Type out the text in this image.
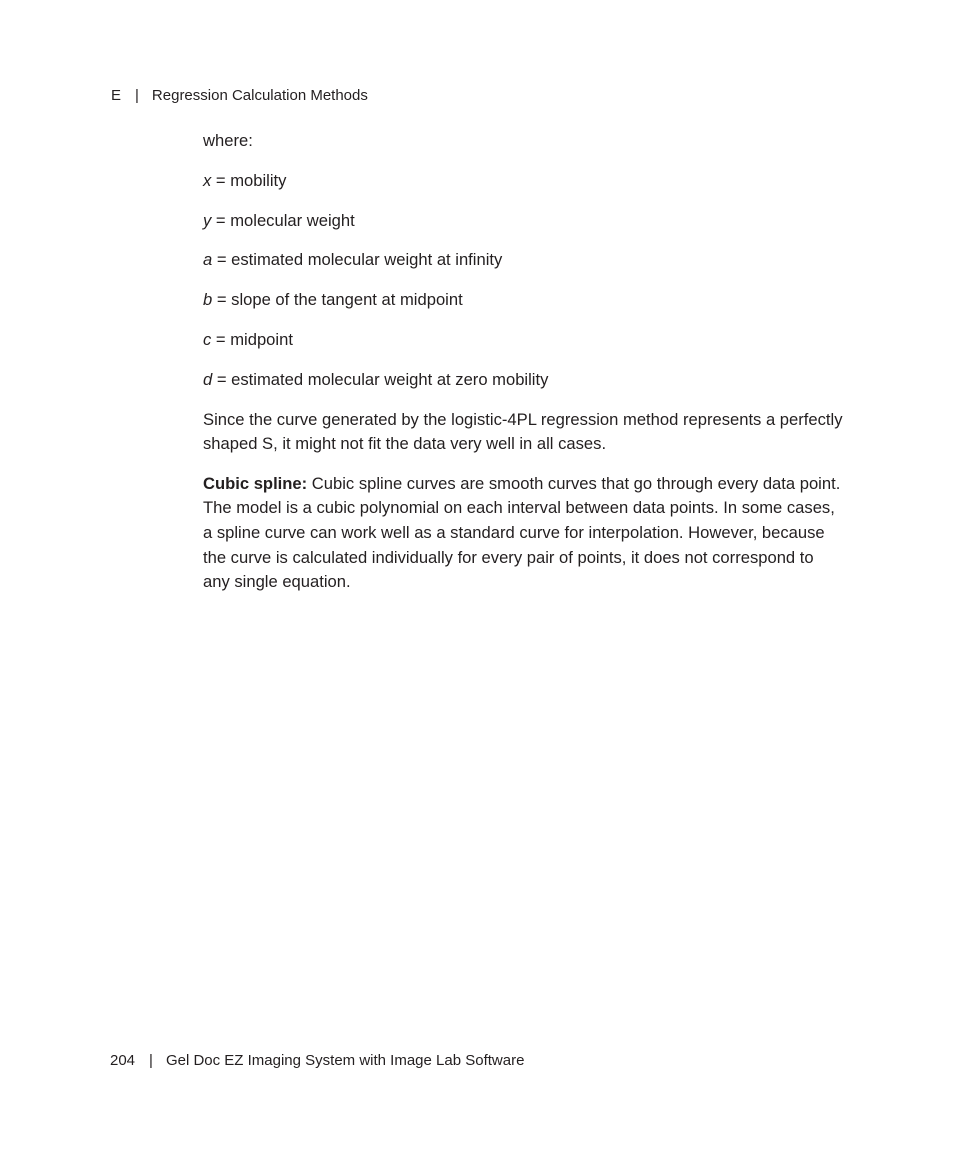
E | Regression Calculation Methods

where:

x = mobility

y = molecular weight

a = estimated molecular weight at infinity

b = slope of the tangent at midpoint

c = midpoint

d = estimated molecular weight at zero mobility

Since the curve generated by the logistic-4PL regression method represents a perfectly shaped S, it might not fit the data very well in all cases.

Cubic spline: Cubic spline curves are smooth curves that go through every data point. The model is a cubic polynomial on each interval between data points. In some cases, a spline curve can work well as a standard curve for interpolation. However, because the curve is calculated individually for every pair of points, it does not correspond to any single equation.

204 | Gel Doc EZ Imaging System with Image Lab Software
